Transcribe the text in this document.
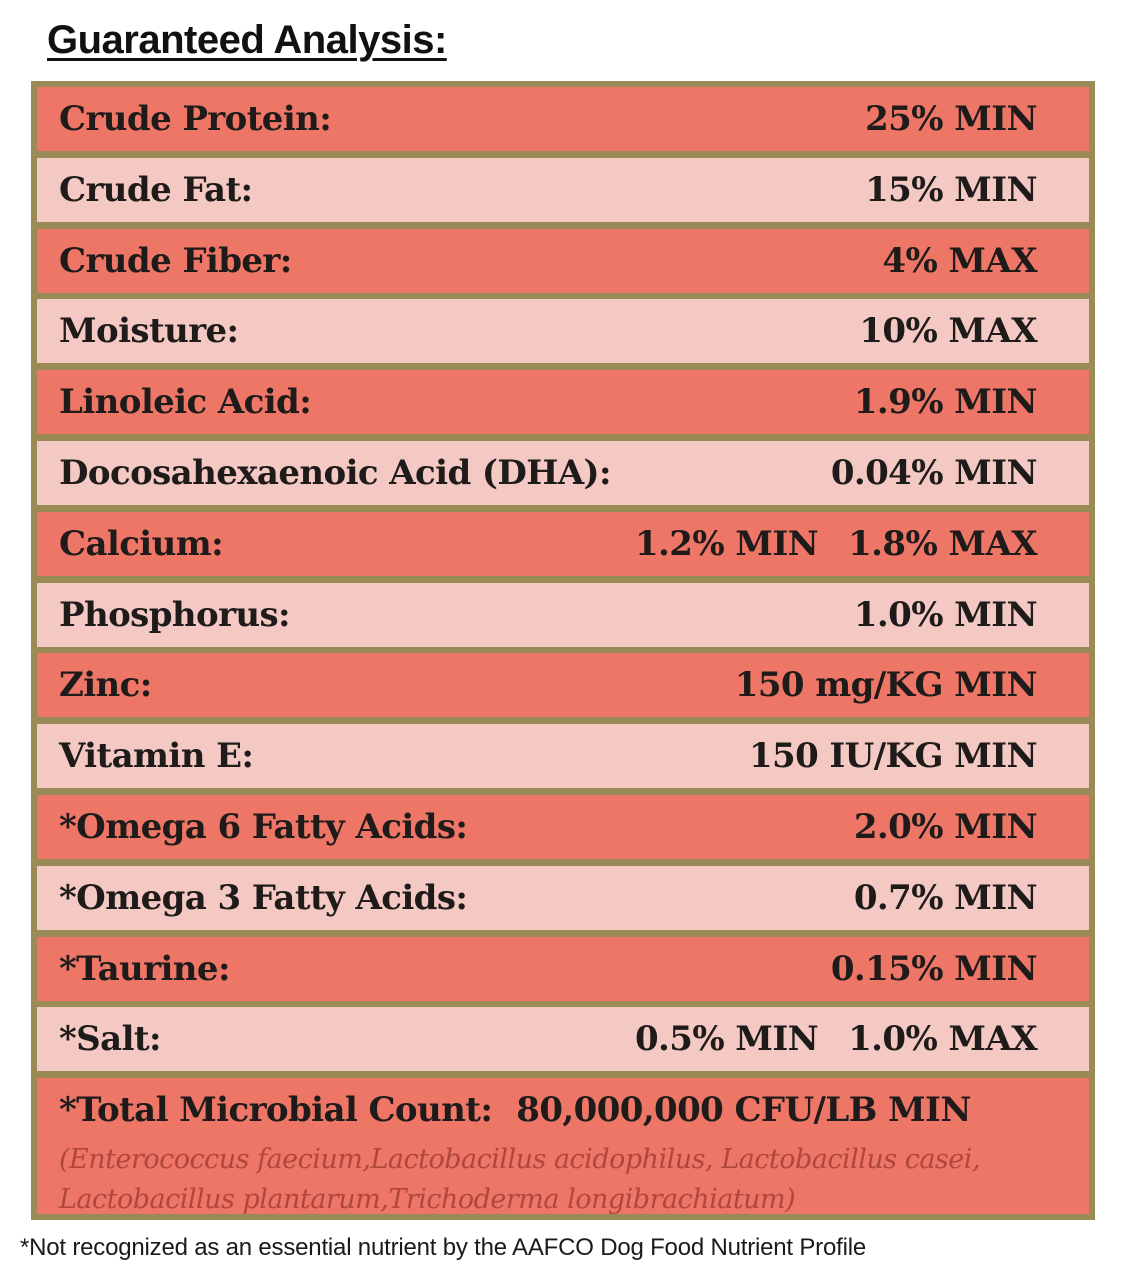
Guaranteed Analysis:
Crude Protein:	25% MIN
Crude Fat:	15% MIN
Crude Fiber:	4% MAX
Moisture:	10% MAX
Linoleic Acid:	1.9% MIN
Docosahexaenoic Acid (DHA):	0.04% MIN
Calcium:	1.2% MIN 1.8% MAX
Phosphorus:	1.0% MIN
Zinc:	150 mg/KG MIN
Vitamin E:	150 IU/KG MIN
*Omega 6 Fatty Acids:	2.0% MIN
*Omega 3 Fatty Acids:	0.7% MIN
*Taurine:	0.15% MIN
*Salt:	0.5% MIN 1.0% MAX
*Total Microbial Count: 80,000,000 CFU/LB MIN
(Enterococcus faecium,Lactobacillus acidophilus, Lactobacillus casei,
Lactobacillus plantarum,Trichoderma longibrachiatum)
*Not recognized as an essential nutrient by the AAFCO Dog Food Nutrient Profile
